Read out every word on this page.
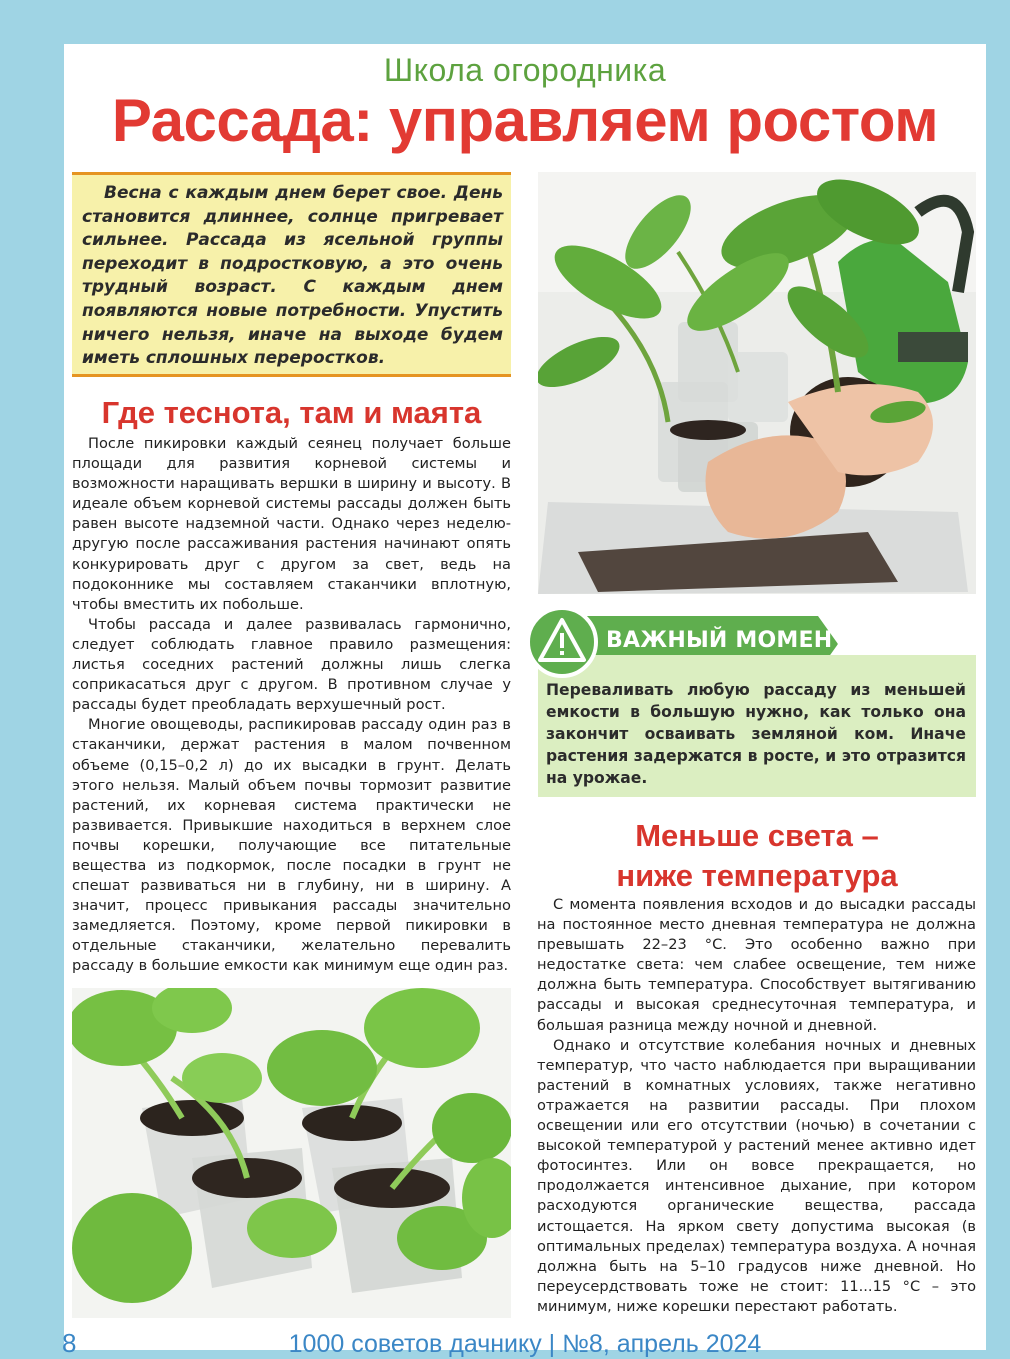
Школа огородника
Рассада: управляем ростом

Весна с каждым днем берет свое. День становится длиннее, солнце пригревает сильнее. Рассада из ясельной группы переходит в подростковую, а это очень трудный возраст. С каждым днем появляются новые потребности. Упустить ничего нельзя, иначе на выходе будем иметь сплошных переростков.

Переваливать любую рассаду из меньшей емкости в большую нужно, как только она закончит осваивать земляной ком. Иначе растения задержатся в росте, и это отразится на урожае.

ВАЖНЫЙ МОМЕНТ
Где теснота, там и маята

После пикировки каждый сеянец получает больше площади для развития корневой системы и возможности наращивать вершки в ширину и высоту. В идеале объем корневой системы рассады должен быть равен высоте надземной части. Однако через неделю-другую после рассаживания растения начинают опять конкурировать друг с другом за свет, ведь на подоконнике мы составляем стаканчики вплотную, чтобы вместить их побольше.

Чтобы рассада и далее развивалась гармонично, следует соблюдать главное правило размещения: листья соседних растений должны лишь слегка соприкасаться друг с другом. В противном случае у рассады будет преобладать верхушечный рост.

Многие овощеводы, распикировав рассаду один раз в стаканчики, держат растения в малом почвенном объеме (0,15–0,2 л) до их высадки в грунт. Делать этого нельзя. Малый объем почвы тормозит развитие растений, их корневая система практически не развивается. Привыкшие находиться в верхнем слое почвы корешки, получающие все питательные вещества из подкормок, после посадки в грунт не спешат развиваться ни в глубину, ни в ширину. А значит, процесс привыкания рассады значительно замедляется. Поэтому, кроме первой пикировки в отдельные стаканчики, желательно перевалить рассаду в большие емкости как минимум еще один раз.

Меньше света –
ниже температура

С момента появления всходов и до высадки рассады на постоянное место дневная температура не должна превышать 22–23 °С. Это особенно важно при недостатке света: чем слабее освещение, тем ниже должна быть температура. Способствует вытягиванию рассады и высокая среднесуточная температура, и большая разница между ночной и дневной.

Однако и отсутствие колебания ночных и дневных температур, что часто наблюдается при выращивании растений в комнатных условиях, также негативно отражается на развитии рассады. При плохом освещении или его отсутствии (ночью) в сочетании с высокой температурой у растений менее активно идет фотосинтез. Или он вовсе прекращается, но продолжается интенсивное дыхание, при котором расходуются органические вещества, рассада истощается. На ярком свету допустима высокая (в оптимальных пределах) температура воздуха. А ночная должна быть на 5–10 градусов ниже дневной. Но переусердствовать тоже не стоит: 11...15 °С – это минимум, ниже корешки перестают работать.

8	1000 советов дачнику | №8, апрель 2024
